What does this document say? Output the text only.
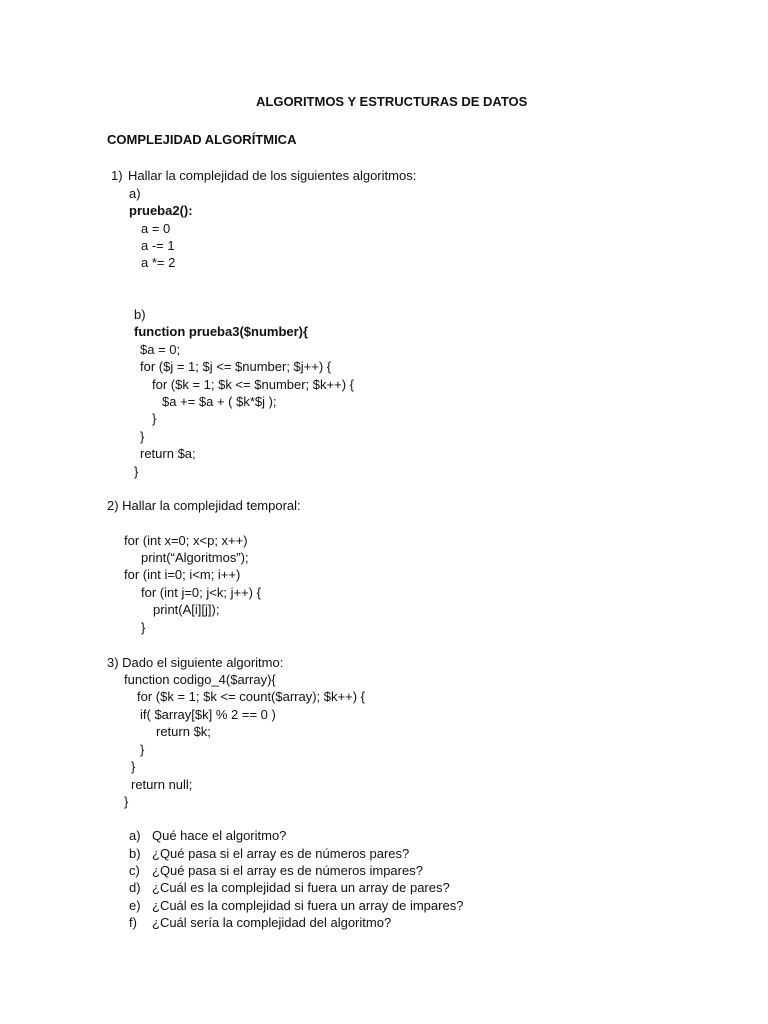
ALGORITMOS Y ESTRUCTURAS DE DATOS
COMPLEJIDAD ALGORÍTMICA
1) Hallar la complejidad de los siguientes algoritmos:
a)
prueba2():
a = 0
a -= 1
a *= 2
b)
function prueba3($number){
$a = 0;
for ($j = 1; $j <= $number; $j++) {
for ($k = 1; $k <= $number; $k++) {
$a += $a + ( $k*$j );
}
}
return $a;
}
2) Hallar la complejidad temporal:
for (int x=0; x<p; x++)
print(“Algoritmos”);
for (int i=0; i<m; i++)
for (int j=0; j<k; j++) {
print(A[i][j]);
}
3) Dado el siguiente algoritmo:
function codigo_4($array){
for ($k = 1; $k <= count($array); $k++) {
if( $array[$k] % 2 == 0 )
return $k;
}
}
return null;
}
a) Qué hace el algoritmo?
b) ¿Qué pasa si el array es de números pares?
c) ¿Qué pasa si el array es de números impares?
d) ¿Cuál es la complejidad si fuera un array de pares?
e) ¿Cuál es la complejidad si fuera un array de impares?
f) ¿Cuál sería la complejidad del algoritmo?
